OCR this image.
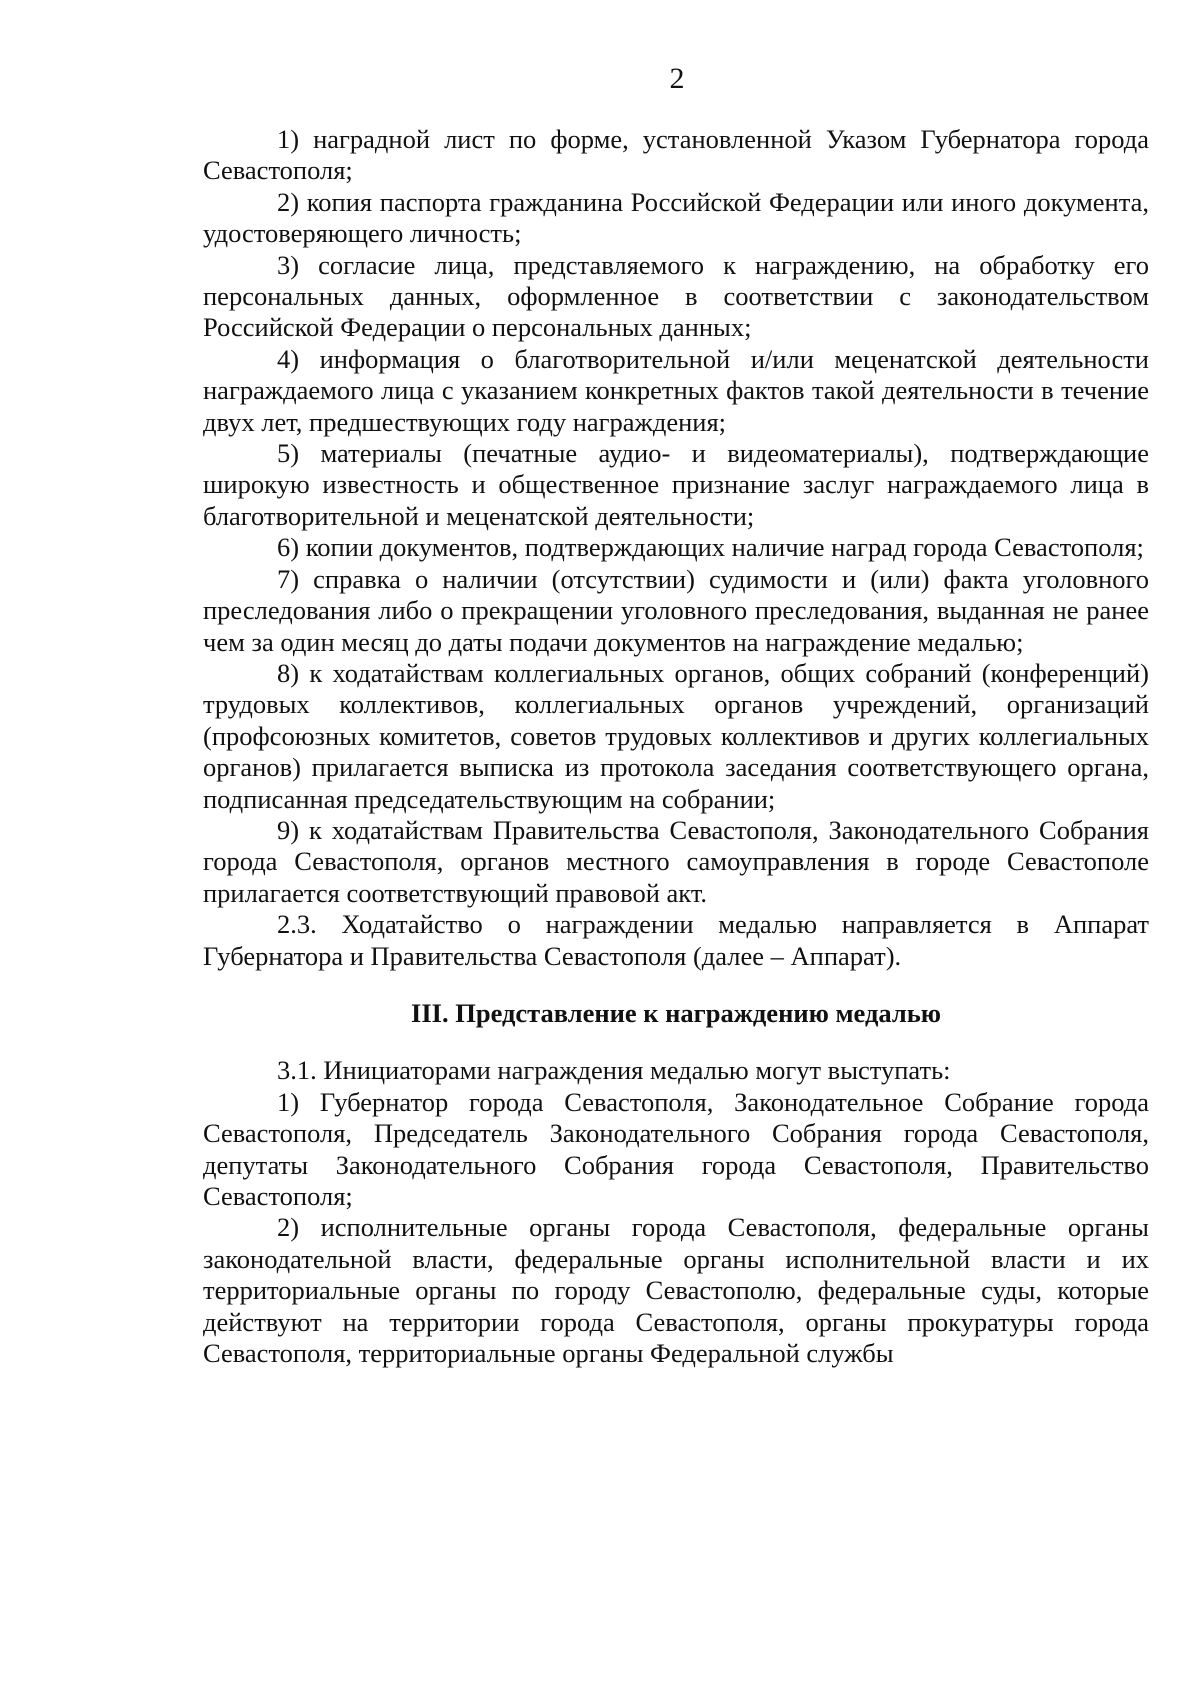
2

1) наградной лист по форме, установленной Указом Губернатора города Севастополя;

2) копия паспорта гражданина Российской Федерации или иного документа, удостоверяющего личность;

3) согласие лица, представляемого к награждению, на обработку его персональных данных, оформленное в соответствии с законодательством Российской Федерации о персональных данных;

4) информация о благотворительной и/или меценатской деятельности награждаемого лица с указанием конкретных фактов такой деятельности в течение двух лет, предшествующих году награждения;

5) материалы (печатные аудио- и видеоматериалы), подтверждающие широкую известность и общественное признание заслуг награждаемого лица в благотворительной и меценатской деятельности;

6) копии документов, подтверждающих наличие наград города Севастополя;

7) справка о наличии (отсутствии) судимости и (или) факта уголовного преследования либо о прекращении уголовного преследования, выданная не ранее чем за один месяц до даты подачи документов на награждение медалью;

8) к ходатайствам коллегиальных органов, общих собраний (конференций) трудовых коллективов, коллегиальных органов учреждений, организаций (профсоюзных комитетов, советов трудовых коллективов и других коллегиальных органов) прилагается выписка из протокола заседания соответствующего органа, подписанная председательствующим на собрании;

9) к ходатайствам Правительства Севастополя, Законодательного Собрания города Севастополя, органов местного самоуправления в городе Севастополе прилагается соответствующий правовой акт.

2.3. Ходатайство о награждении медалью направляется в Аппарат Губернатора и Правительства Севастополя (далее – Аппарат).

III. Представление к награждению медалью

3.1. Инициаторами награждения медалью могут выступать:

1) Губернатор города Севастополя, Законодательное Собрание города Севастополя, Председатель Законодательного Собрания города Севастополя, депутаты Законодательного Собрания города Севастополя, Правительство Севастополя;

2) исполнительные органы города Севастополя, федеральные органы законодательной власти, федеральные органы исполнительной власти и их территориальные органы по городу Севастополю, федеральные суды, которые действуют на территории города Севастополя, органы прокуратуры города Севастополя, территориальные органы Федеральной службы
